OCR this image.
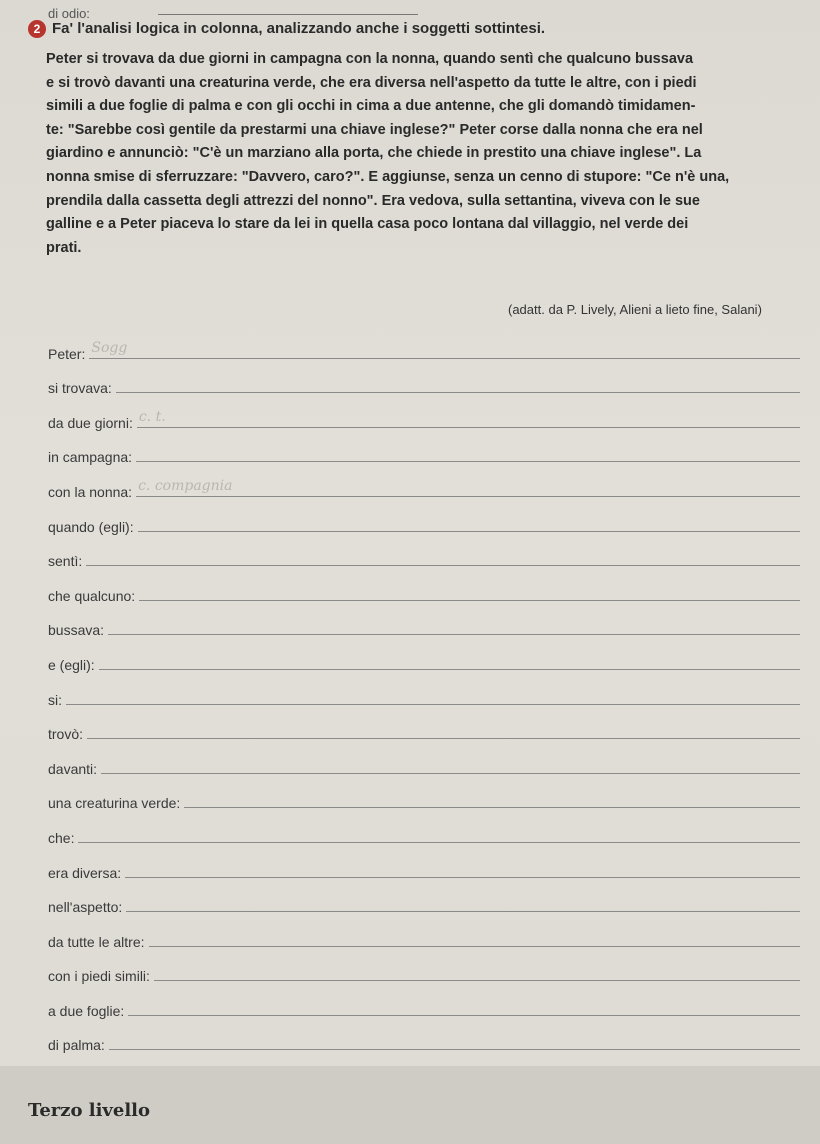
di odio:
2 Fa' l'analisi logica in colonna, analizzando anche i soggetti sottintesi.
Peter si trovava da due giorni in campagna con la nonna, quando sentì che qualcuno bussava
e si trovò davanti una creaturina verde, che era diversa nell'aspetto da tutte le altre, con i piedi
simili a due foglie di palma e con gli occhi in cima a due antenne, che gli domandò timidamen-
te: "Sarebbe così gentile da prestarmi una chiave inglese?" Peter corse dalla nonna che era nel
giardino e annunciò: "C'è un marziano alla porta, che chiede in prestito una chiave inglese". La
nonna smise di sferruzzare: "Davvero, caro?". E aggiunse, senza un cenno di stupore: "Ce n'è una,
prendila dalla cassetta degli attrezzi del nonno". Era vedova, sulla settantina, viveva con le sue
galline e a Peter piaceva lo stare da lei in quella casa poco lontana dal villaggio, nel verde dei
prati.
(adatt. da P. Lively, Alieni a lieto fine, Salani)
Peter: Sogg
si trovava:
da due giorni: c. t.
in campagna:
con la nonna: c. compagnia
quando (egli):
sentì:
che qualcuno:
bussava:
e (egli):
si:
trovò:
davanti:
una creaturina verde:
che:
era diversa:
nell'aspetto:
da tutte le altre:
con i piedi simili:
a due foglie:
di palma:
Terzo livello
